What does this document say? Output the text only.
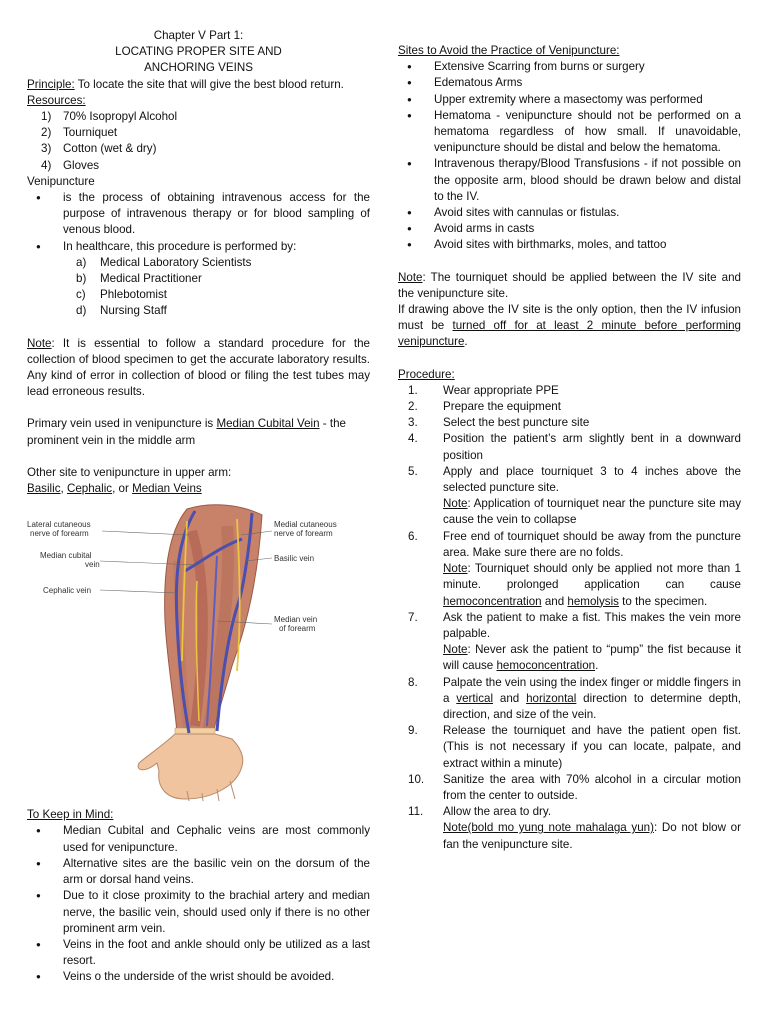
Chapter V Part 1:
LOCATING PROPER SITE AND
ANCHORING VEINS
Principle: To locate the site that will give the best blood return.
Resources:
1) 70% Isopropyl Alcohol
2) Tourniquet
3) Cotton (wet & dry)
4) Gloves
Venipuncture
● is the process of obtaining intravenous access for the purpose of intravenous therapy or for blood sampling of venous blood.
● In healthcare, this procedure is performed by:
a) Medical Laboratory Scientists
b) Medical Practitioner
c) Phlebotomist
d) Nursing Staff
Note: It is essential to follow a standard procedure for the collection of blood specimen to get the accurate laboratory results. Any kind of error in collection of blood or filing the test tubes may lead erroneous results.
Primary vein used in venipuncture is Median Cubital Vein - the prominent vein in the middle arm
Other site to venipuncture in upper arm:
Basilic, Cephalic, or Median Veins
Lateral cutaneous
nerve of forearm
Median cubital
vein
Cephalic vein
Medial cutaneous
nerve of forearm
Basilic vein
Median vein
of forearm
To Keep in Mind:
● Median Cubital and Cephalic veins are most commonly used for venipuncture.
● Alternative sites are the basilic vein on the dorsum of the arm or dorsal hand veins.
● Due to it close proximity to the brachial artery and median nerve, the basilic vein, should used only if there is no other prominent arm vein.
● Veins in the foot and ankle should only be utilized as a last resort.
● Veins o the underside of the wrist should be avoided.
Sites to Avoid the Practice of Venipuncture:
● Extensive Scarring from burns or surgery
● Edematous Arms
● Upper extremity where a masectomy was performed
● Hematoma - venipuncture should not be performed on a hematoma regardless of how small. If unavoidable, venipuncture should be distal and below the hematoma.
● Intravenous therapy/Blood Transfusions - if not possible on the opposite arm, blood should be drawn below and distal to the IV.
● Avoid sites with cannulas or fistulas.
● Avoid arms in casts
● Avoid sites with birthmarks, moles, and tattoo
Note: The tourniquet should be applied between the IV site and the venipuncture site.
If drawing above the IV site is the only option, then the IV infusion must be turned off for at least 2 minute before performing venipuncture.
Procedure:
1. Wear appropriate PPE
2. Prepare the equipment
3. Select the best puncture site
4. Position the patient’s arm slightly bent in a downward position
5. Apply and place tourniquet 3 to 4 inches above the selected puncture site.
Note: Application of tourniquet near the puncture site may cause the vein to collapse
6. Free end of tourniquet should be away from the puncture area. Make sure there are no folds.
Note: Tourniquet should only be applied not more than 1 minute. prolonged application can cause hemoconcentration and hemolysis to the specimen.
7. Ask the patient to make a fist. This makes the vein more palpable.
Note: Never ask the patient to “pump” the fist because it will cause hemoconcentration.
8. Palpate the vein using the index finger or middle fingers in a vertical and horizontal direction to determine depth, direction, and size of the vein.
9. Release the tourniquet and have the patient open fist. (This is not necessary if you can locate, palpate, and extract within a minute)
10. Sanitize the area with 70% alcohol in a circular motion from the center to outside.
11. Allow the area to dry.
Note(bold mo yung note mahalaga yun): Do not blow or fan the venipuncture site.
